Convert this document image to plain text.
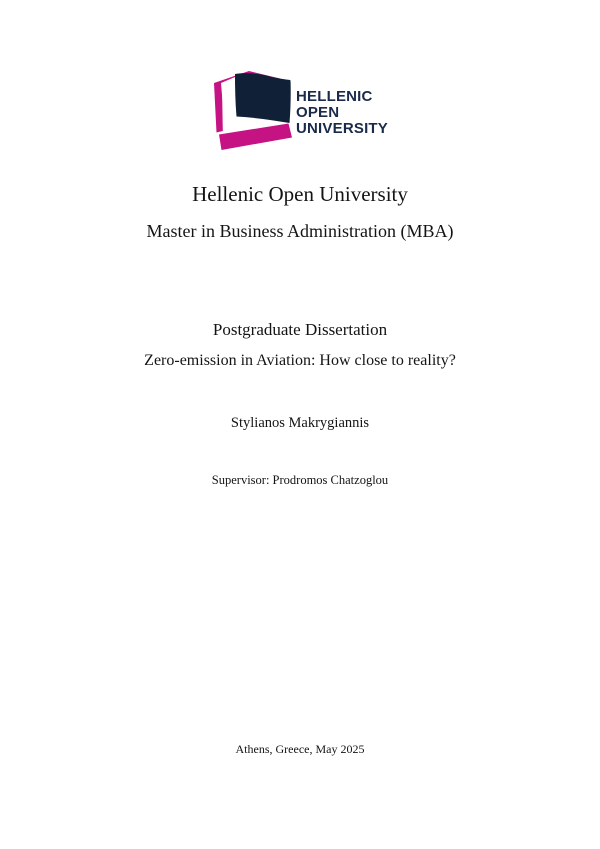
HELLENIC
OPEN
UNIVERSITY
Hellenic Open University
Master in Business Administration (MBA)
Postgraduate Dissertation
Zero-emission in Aviation: How close to reality?
Stylianos Makrygiannis
Supervisor: Prodromos Chatzoglou
Athens, Greece, May 2025
